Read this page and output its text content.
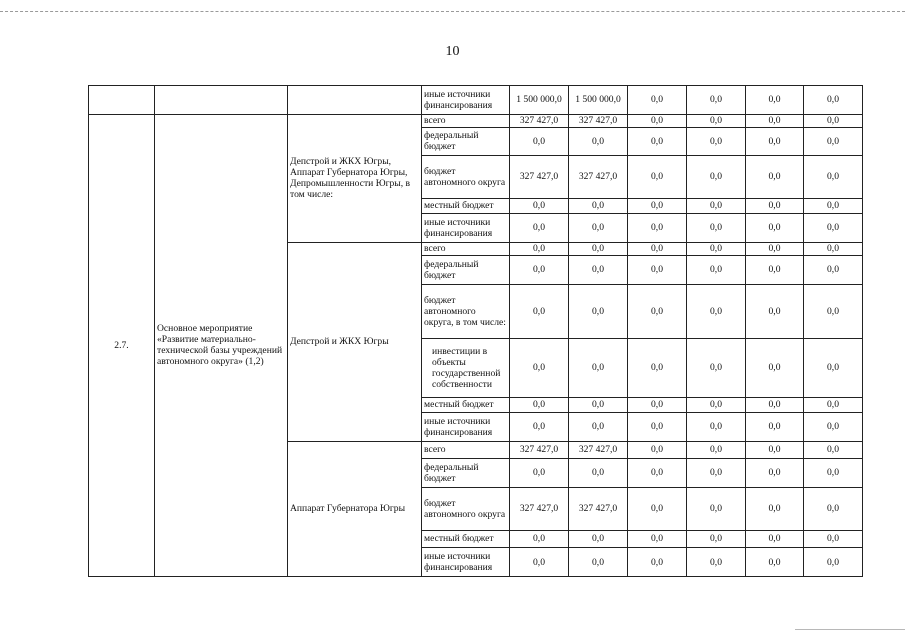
10
			иные источники финансирования	1 500 000,0	1 500 000,0	0,0	0,0	0,0	0,0
2.7.	Основное мероприятие «Развитие материально-технической базы учреждений автономного округа» (1,2)	Депстрой и ЖКХ Югры, Аппарат Губернатора Югры, Депромышленности Югры, в том числе:	всего	327 427,0	327 427,0	0,0	0,0	0,0	0,0
			федеральный бюджет	0,0	0,0	0,0	0,0	0,0	0,0
			бюджет автономного округа	327 427,0	327 427,0	0,0	0,0	0,0	0,0
			местный бюджет	0,0	0,0	0,0	0,0	0,0	0,0
			иные источники финансирования	0,0	0,0	0,0	0,0	0,0	0,0
		Депстрой и ЖКХ Югры	всего	0,0	0,0	0,0	0,0	0,0	0,0
			федеральный бюджет	0,0	0,0	0,0	0,0	0,0	0,0
			бюджет автономного округа, в том числе:	0,0	0,0	0,0	0,0	0,0	0,0
			инвестиции в объекты государственной собственности	0,0	0,0	0,0	0,0	0,0	0,0
			местный бюджет	0,0	0,0	0,0	0,0	0,0	0,0
			иные источники финансирования	0,0	0,0	0,0	0,0	0,0	0,0
		Аппарат Губернатора Югры	всего	327 427,0	327 427,0	0,0	0,0	0,0	0,0
			федеральный бюджет	0,0	0,0	0,0	0,0	0,0	0,0
			бюджет автономного округа	327 427,0	327 427,0	0,0	0,0	0,0	0,0
			местный бюджет	0,0	0,0	0,0	0,0	0,0	0,0
			иные источники финансирования	0,0	0,0	0,0	0,0	0,0	0,0
